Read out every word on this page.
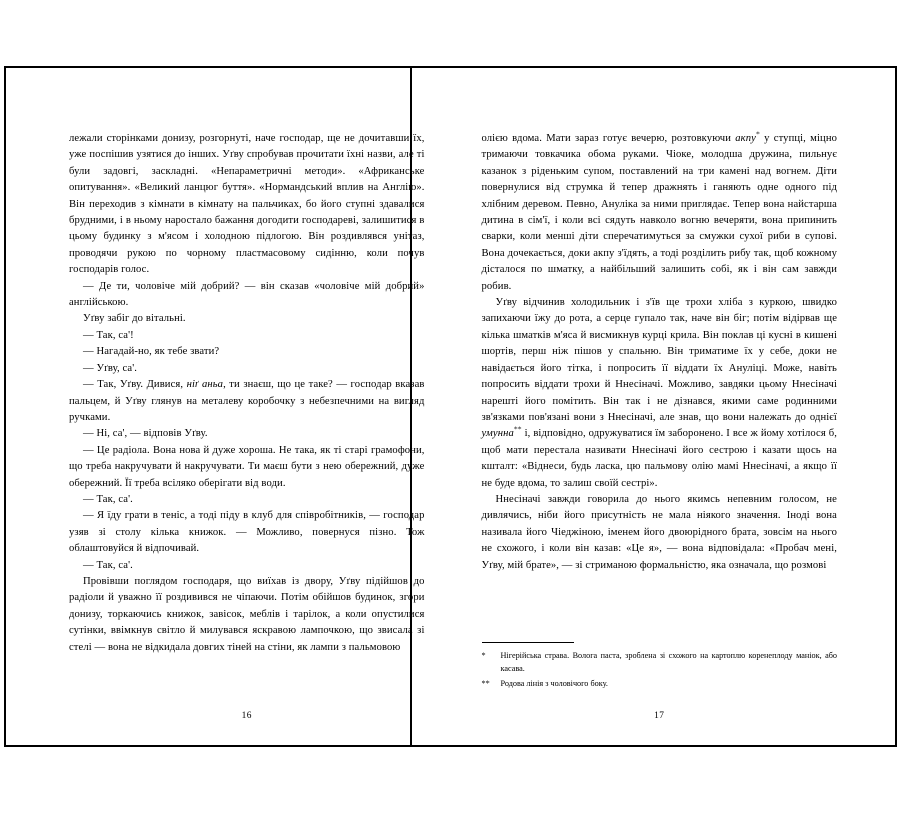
лежали сторінками донизу, розгорнуті, наче господар, ще не дочитавши їх, уже поспішив узятися до інших. Уґву спробував прочитати їхні назви, але ті були задовгі, заскладні. «Непараметричні методи». «Африканське опитування». «Великий ланцюг буття». «Нормандський вплив на Англію». Він переходив з кімнати в кімнату на пальчиках, бо його ступні здавалися брудними, і в ньому наростало бажання догодити господареві, залишитися в цьому будинку з м'ясом і холодною підлогою. Він роздивлявся унітаз, проводячи рукою по чорному пластмасовому сидінню, коли почув господарів голос.

— Де ти, чоловіче мій добрий? — він сказав «чоловіче мій добрий» англійською.

Уґву забіг до вітальні.

— Так, са'!

— Нагадай-но, як тебе звати?

— Уґву, са'.

— Так, Уґву. Дивися, ніґ аньа, ти знаєш, що це таке? — господар вказав пальцем, й Уґву глянув на металеву коробочку з небезпечними на вигляд ручками.

— Ні, са', — відповів Уґву.

— Це радіола. Вона нова й дуже хороша. Не така, як ті старі грамофони, що треба накручувати й накручувати. Ти маєш бути з нею обережний, дуже обережний. Її треба всіляко оберігати від води.

— Так, са'.

— Я їду грати в теніс, а тоді піду в клуб для співробітників, — господар узяв зі столу кілька книжок. — Можливо, повернуся пізно. Тож облаштовуйся й відпочивай.

— Так, са'.

Провівши поглядом господаря, що виїхав із двору, Уґву підійшов до радіоли й уважно її роздивився не чіпаючи. Потім обійшов будинок, згори донизу, торкаючись книжок, завісок, меблів і тарілок, а коли опустилися сутінки, ввімкнув світло й милувався яскравою лампочкою, що звисала зі стелі — вона не відкидала довгих тіней на стіни, як лампи з пальмовою

16

олією вдома. Мати зараз готує вечерю, розтовкуючи акпу* у ступці, міцно тримаючи товкачика обома руками. Чіоке, молодша дружина, пильнує казанок з ріденьким супом, поставлений на три камені над вогнем. Діти повернулися від струмка й тепер дражнять і ганяють одне одного під хлібним деревом. Певно, Ануліка за ними приглядає. Тепер вона найстарша дитина в сім'ї, і коли всі сядуть навколо вогню вечеряти, вона припинить сварки, коли менші діти сперечатимуться за смужки сухої риби в супові. Вона дочекається, доки акпу з'їдять, а тоді розділить рибу так, щоб кожному дісталося по шматку, а найбільший залишить собі, як і він сам завжди робив.

Уґву відчинив холодильник і з'їв ще трохи хліба з куркою, швидко запихаючи їжу до рота, а серце гупало так, наче він біг; потім відірвав ще кілька шматків м'яса й висмикнув курці крила. Він поклав ці кусні в кишені шортів, перш ніж пішов у спальню. Він триматиме їх у себе, доки не навідається його тітка, і попросить її віддати їх Ануліці. Може, навіть попросить віддати трохи й Ннесіначі. Можливо, завдяки цьому Ннесіначі нарешті його помітить. Він так і не дізнався, якими саме родинними зв'язками пов'язані вони з Ннесіначі, але знав, що вони належать до однієї умунна** і, відповідно, одружуватися їм заборонено. І все ж йому хотілося б, щоб мати перестала називати Ннесіначі його сестрою і казати щось на кшталт: «Віднеси, будь ласка, цю пальмову олію мамі Ннесіначі, а якщо її не буде вдома, то залиш своїй сестрі».

Ннесіначі завжди говорила до нього якимсь непевним голосом, не дивлячись, ніби його присутність не мала ніякого значення. Іноді вона називала його Чіеджіною, іменем його двоюрідного брата, зовсім на нього не схожого, і коли він казав: «Це я», — вона відповідала: «Пробач мені, Уґву, мій брате», — зі стриманою формальністю, яка означала, що розмові

*	Нігерійська страва. Волога паста, зроблена зі схожого на картоплю коренеплоду маніок, або касава.
**	Родова лінія з чоловічого боку.
17
